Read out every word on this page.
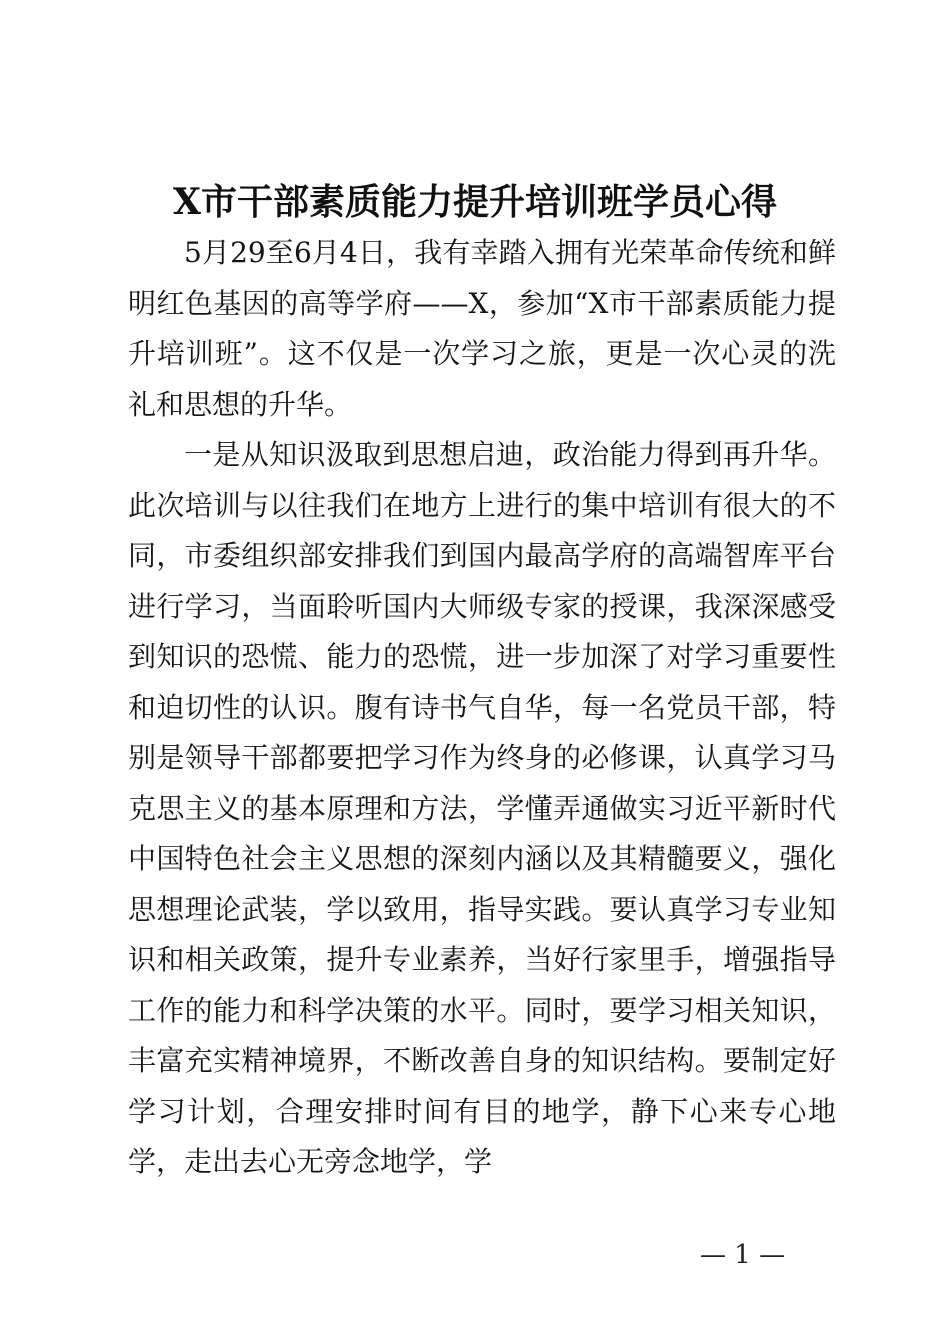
X市干部素质能力提升培训班学员心得

5月29至6月4日，我有幸踏入拥有光荣革命传统和鲜明红色基因的高等学府——X，参加“X市干部素质能力提升培训班”。这不仅是一次学习之旅，更是一次心灵的洗礼和思想的升华。

一是从知识汲取到思想启迪，政治能力得到再升华。此次培训与以往我们在地方上进行的集中培训有很大的不同，市委组织部安排我们到国内最高学府的高端智库平台进行学习，当面聆听国内大师级专家的授课，我深深感受到知识的恐慌、能力的恐慌，进一步加深了对学习重要性和迫切性的认识。腹有诗书气自华，每一名党员干部，特别是领导干部都要把学习作为终身的必修课，认真学习马克思主义的基本原理和方法，学懂弄通做实习近平新时代中国特色社会主义思想的深刻内涵以及其精髓要义，强化思想理论武装，学以致用，指导实践。要认真学习专业知识和相关政策，提升专业素养，当好行家里手，增强指导工作的能力和科学决策的水平。同时，要学习相关知识，丰富充实精神境界，不断改善自身的知识结构。要制定好学习计划，合理安排时间有目的地学，静下心来专心地学，走出去心无旁念地学，学

— 1 —
